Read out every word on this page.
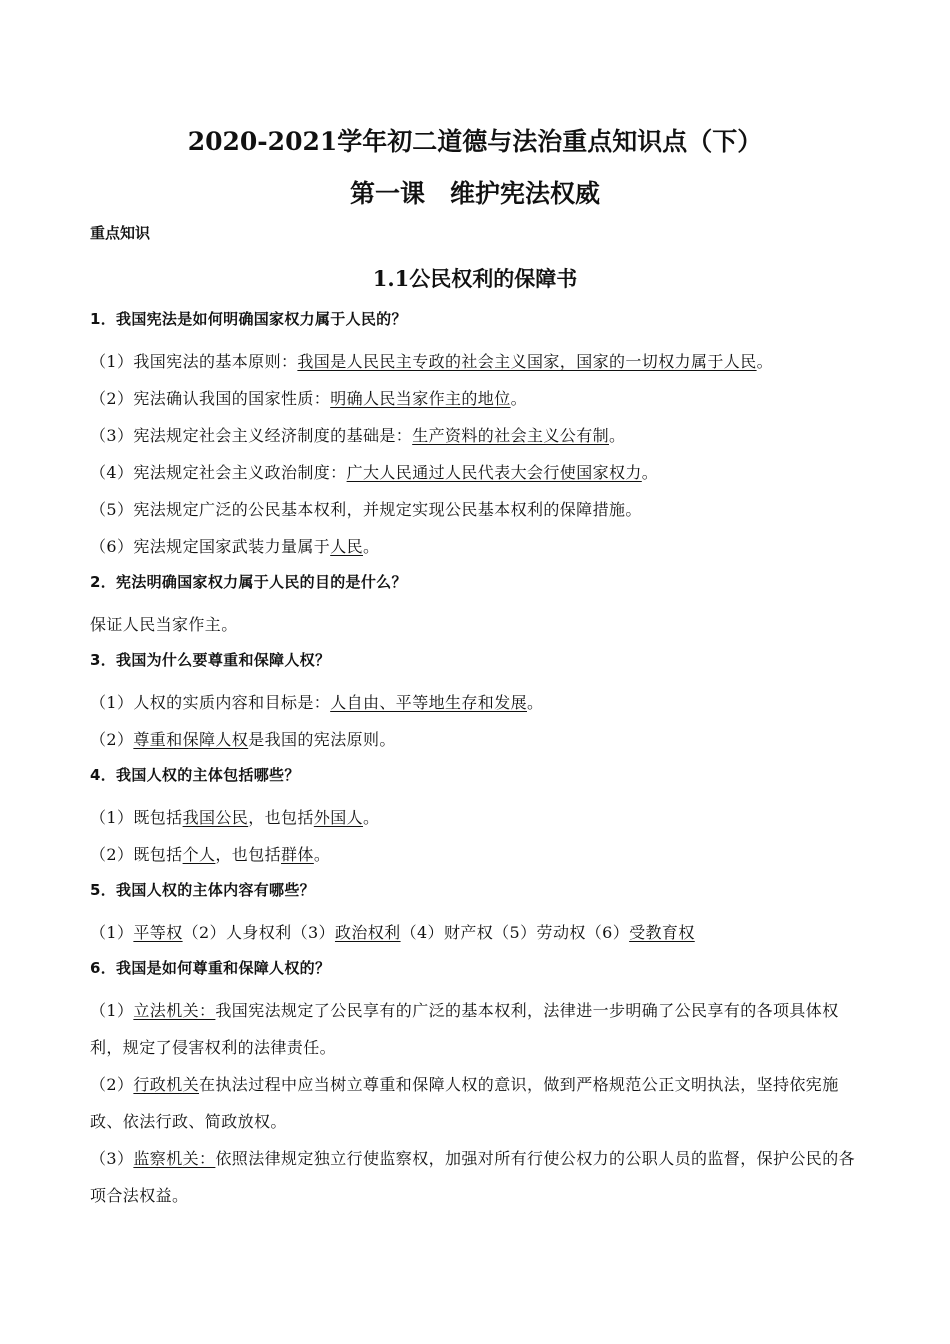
2020-2021学年初二道德与法治重点知识点（下）
第一课　维护宪法权威
重点知识
1.1公民权利的保障书
1．我国宪法是如何明确国家权力属于人民的？
（1）我国宪法的基本原则：我国是人民民主专政的社会主义国家，国家的一切权力属于人民。
（2）宪法确认我国的国家性质：明确人民当家作主的地位。
（3）宪法规定社会主义经济制度的基础是：生产资料的社会主义公有制。
（4）宪法规定社会主义政治制度：广大人民通过人民代表大会行使国家权力。
（5）宪法规定广泛的公民基本权利，并规定实现公民基本权利的保障措施。
（6）宪法规定国家武装力量属于人民。
2．宪法明确国家权力属于人民的目的是什么？
保证人民当家作主。
3．我国为什么要尊重和保障人权？
（1）人权的实质内容和目标是：人自由、平等地生存和发展。
（2）尊重和保障人权是我国的宪法原则。
4．我国人权的主体包括哪些？
（1）既包括我国公民，也包括外国人。
（2）既包括个人，也包括群体。
5．我国人权的主体内容有哪些？
（1）平等权（2）人身权利（3）政治权利（4）财产权（5）劳动权（6）受教育权
6．我国是如何尊重和保障人权的？
（1）立法机关：我国宪法规定了公民享有的广泛的基本权利，法律进一步明确了公民享有的各项具体权利，规定了侵害权利的法律责任。
（2）行政机关在执法过程中应当树立尊重和保障人权的意识，做到严格规范公正文明执法，坚持依宪施政、依法行政、简政放权。
（3）监察机关：依照法律规定独立行使监察权，加强对所有行使公权力的公职人员的监督，保护公民的各项合法权益。
